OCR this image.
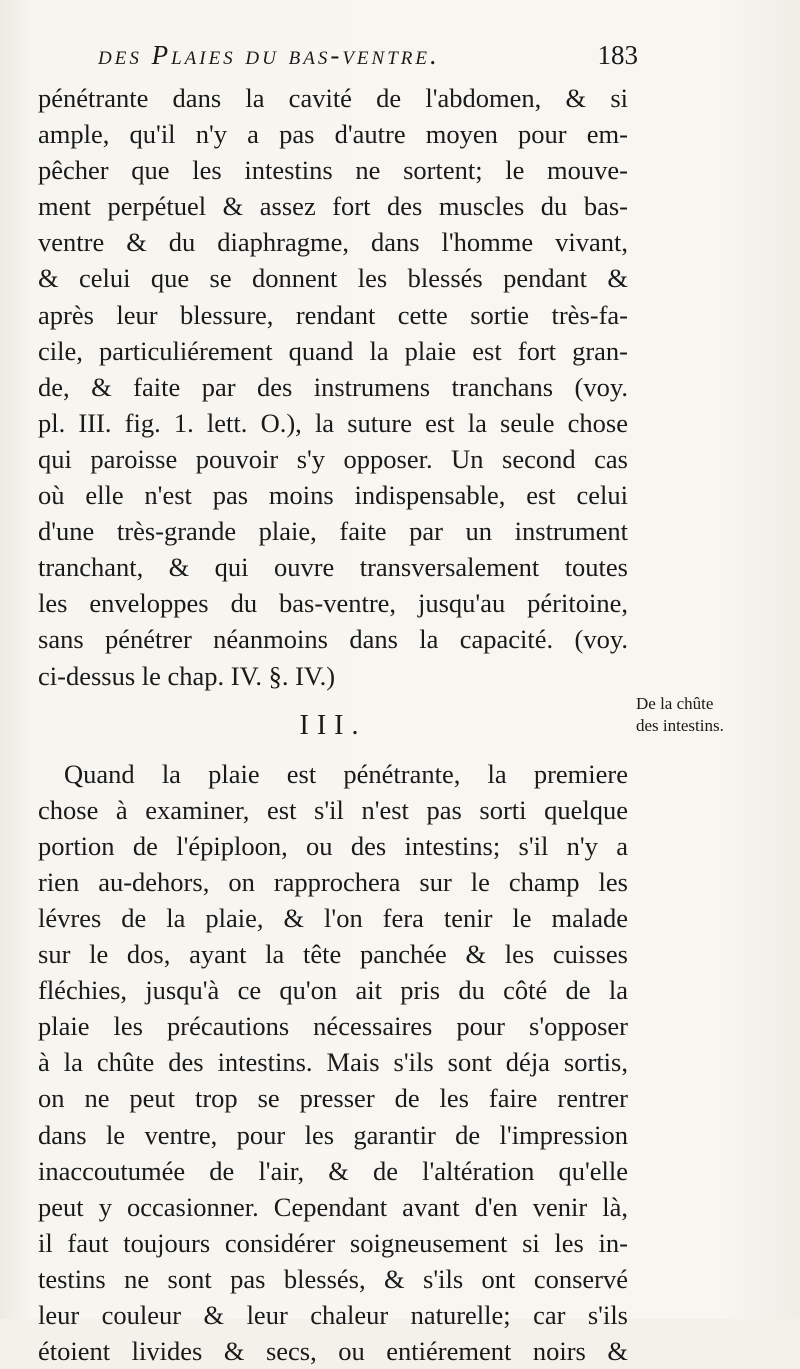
des Plaies du bas-ventre.	183
pénétrante dans la cavité de l'abdomen, & si
ample, qu'il n'y a pas d'autre moyen pour em-
pêcher que les intestins ne sortent; le mouve-
ment perpétuel & assez fort des muscles du bas-
ventre & du diaphragme, dans l'homme vivant,
& celui que se donnent les blessés pendant &
après leur blessure, rendant cette sortie très-fa-
cile, particuliérement quand la plaie est fort gran-
de, & faite par des instrumens tranchans (voy.
pl. III. fig. 1. lett. O.), la suture est la seule chose
qui paroisse pouvoir s'y opposer. Un second cas
où elle n'est pas moins indispensable, est celui
d'une très-grande plaie, faite par un instrument
tranchant, & qui ouvre transversalement toutes
les enveloppes du bas-ventre, jusqu'au péritoine,
sans pénétrer néanmoins dans la capacité. (voy.
ci-dessus le chap. IV. §. IV.)
III.
Quand la plaie est pénétrante, la premiere
chose à examiner, est s'il n'est pas sorti quelque
portion de l'épiploon, ou des intestins; s'il n'y a
rien au-dehors, on rapprochera sur le champ les
lévres de la plaie, & l'on fera tenir le malade
sur le dos, ayant la tête panchée & les cuisses
fléchies, jusqu'à ce qu'on ait pris du côté de la
plaie les précautions nécessaires pour s'opposer
à la chûte des intestins. Mais s'ils sont déja sortis,
on ne peut trop se presser de les faire rentrer
dans le ventre, pour les garantir de l'impression
inaccoutumée de l'air, & de l'altération qu'elle
peut y occasionner. Cependant avant d'en venir là,
il faut toujours considérer soigneusement si les in-
testins ne sont pas blessés, & s'ils ont conservé
leur couleur & leur chaleur naturelle; car s'ils
étoient livides & secs, ou entiérement noirs &
De la chûte
des intestins.
